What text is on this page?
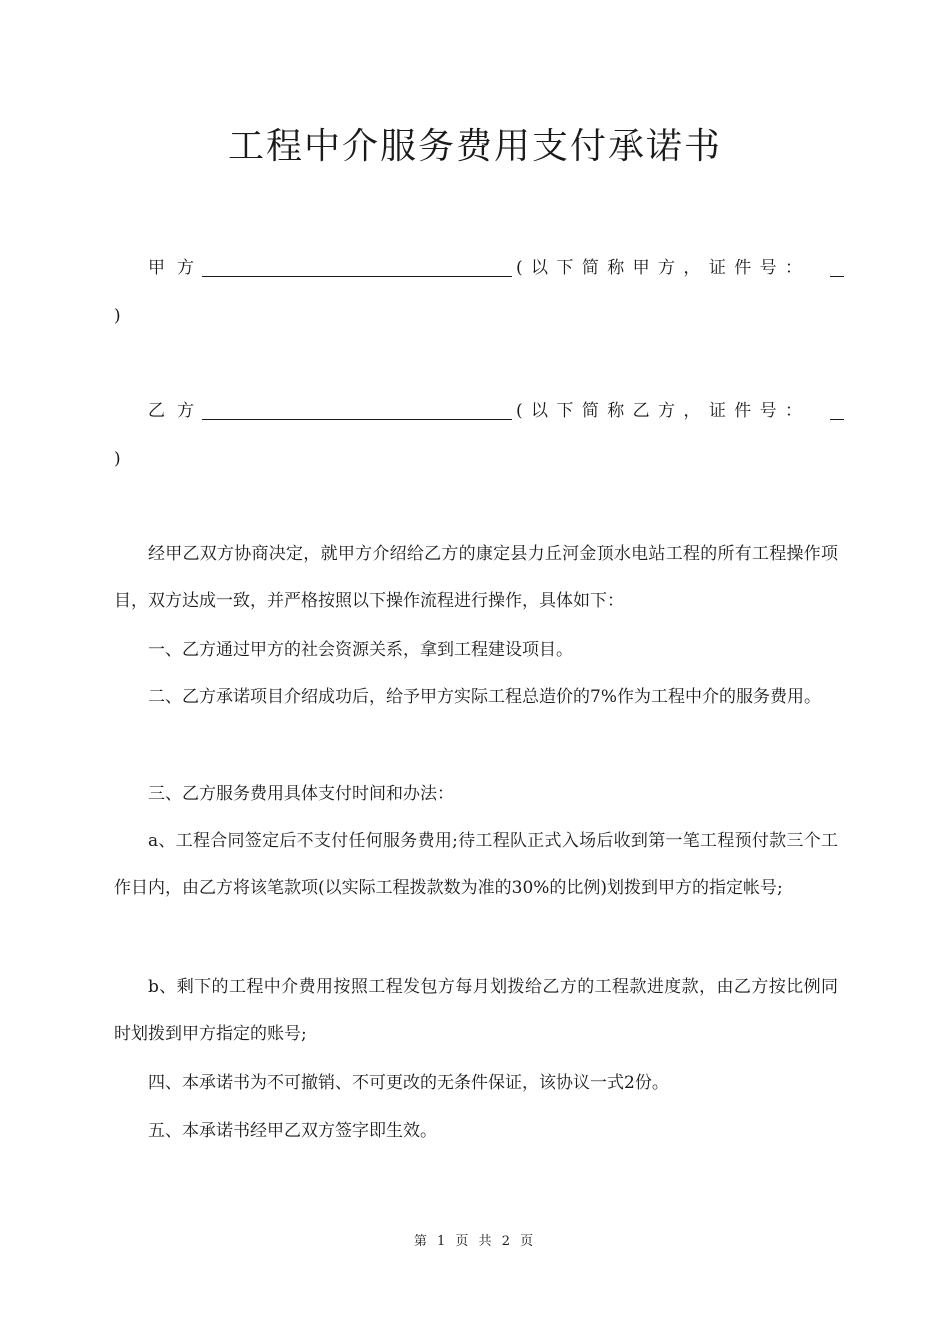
工程中介服务费用支付承诺书
甲方	(以下简称甲方，证件号：
)
乙方	(以下简称乙方，证件号：
)

经甲乙双方协商决定，就甲方介绍给乙方的康定县力丘河金顶水电站工程的所有工程操作项目，双方达成一致，并严格按照以下操作流程进行操作，具体如下：

一、乙方通过甲方的社会资源关系，拿到工程建设项目。

二、乙方承诺项目介绍成功后，给予甲方实际工程总造价的7%作为工程中介的服务费用。

三、乙方服务费用具体支付时间和办法：

a、工程合同签定后不支付任何服务费用;待工程队正式入场后收到第一笔工程预付款三个工作日内，由乙方将该笔款项(以实际工程拨款数为准的30%的比例)划拨到甲方的指定帐号;

b、剩下的工程中介费用按照工程发包方每月划拨给乙方的工程款进度款，由乙方按比例同时划拨到甲方指定的账号;

四、本承诺书为不可撤销、不可更改的无条件保证，该协议一式2份。

五、本承诺书经甲乙双方签字即生效。

第 1 页 共 2 页
